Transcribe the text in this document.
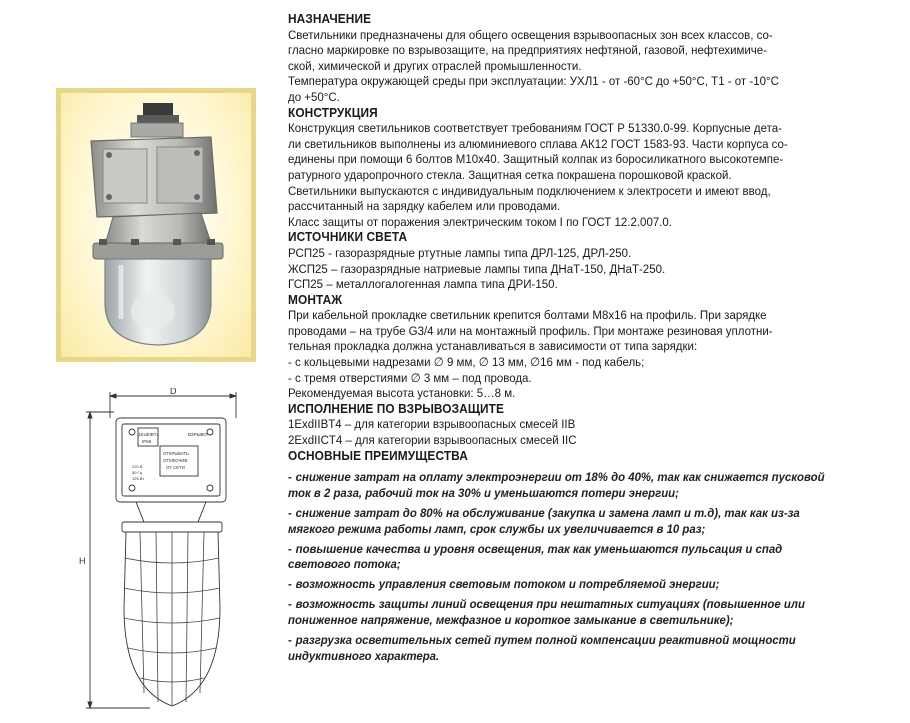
D
H
1ExdIIBT4
IP66
ВЗРЫВО-
ОТКРЫВАТЬ
ОТКЛЮЧИВ
ОТ СЕТИ
220 В
50 Гц
125 Вт
НАЗНАЧЕНИЕ

Светильники предназначены для общего освещения взрывоопасных зон всех классов, со-

гласно маркировке по взрывозащите, на предприятиях нефтяной, газовой, нефтехимиче-

ской, химической и других отраслей промышленности.

Температура окружающей среды при эксплуатации: УХЛ1 - от -60°С до +50°С, Т1 - от -10°С

до +50°С.

КОНСТРУКЦИЯ

Конструкция светильников соответствует требованиям ГОСТ Р 51330.0-99. Корпусные дета-

ли светильников выполнены из алюминиевого сплава АК12 ГОСТ 1583-93. Части корпуса со-

единены при помощи 6 болтов М10х40. Защитный колпак из боросиликатного высокотемпе-

ратурного ударопрочного стекла. Защитная сетка покрашена порошковой краской.

Светильники выпускаются с индивидуальным подключением к электросети и имеют ввод,

рассчитанный на зарядку кабелем или проводами.

Класс защиты от поражения электрическим током I по ГОСТ 12.2.007.0.

ИСТОЧНИКИ СВЕТА

РСП25 - газоразрядные ртутные лампы типа ДРЛ-125, ДРЛ-250.

ЖСП25 – газоразрядные натриевые лампы типа ДНаТ-150, ДНаТ-250.

ГСП25 – металлогалогенная лампа типа ДРИ-150.

МОНТАЖ

При кабельной прокладке светильник крепится болтами М8х16 на профиль. При зарядке

проводами – на трубе G3/4 или на монтажный профиль. При монтаже резиновая уплотни-

тельная прокладка должна устанавливаться в зависимости от типа зарядки:

- с кольцевыми надрезами ∅ 9 мм, ∅ 13 мм, ∅16 мм - под кабель;

- с тремя отверстиями ∅ 3 мм – под провода.

Рекомендуемая высота установки: 5…8 м.

ИСПОЛНЕНИЕ ПО ВЗРЫВОЗАЩИТЕ

1ExdIIBT4 – для категории взрывоопасных смесей IIB

2ExdIICT4 – для категории взрывоопасных смесей IIC

ОСНОВНЫЕ ПРЕИМУЩЕСТВА
- снижение затрат на оплату электроэнергии от 18% до 40%, так как снижается пусковой ток в 2 раза, рабочий ток на 30% и уменьшаются потери энергии;
- снижение затрат до 80% на обслуживание (закупка и замена ламп и т.д), так как из-за мягкого режима работы ламп, срок службы их увеличивается в 10 раз;
- повышение качества и уровня освещения, так как уменьшаются пульсация и спад светового потока;
- возможность управления световым потоком и потребляемой энергии;
- возможность защиты линий освещения при нештатных ситуациях (повышенное или пониженное напряжение, межфазное и короткое замыкание в светильнике);
- разгрузка осветительных сетей путем полной компенсации реактивной мощности индуктивного характера.
